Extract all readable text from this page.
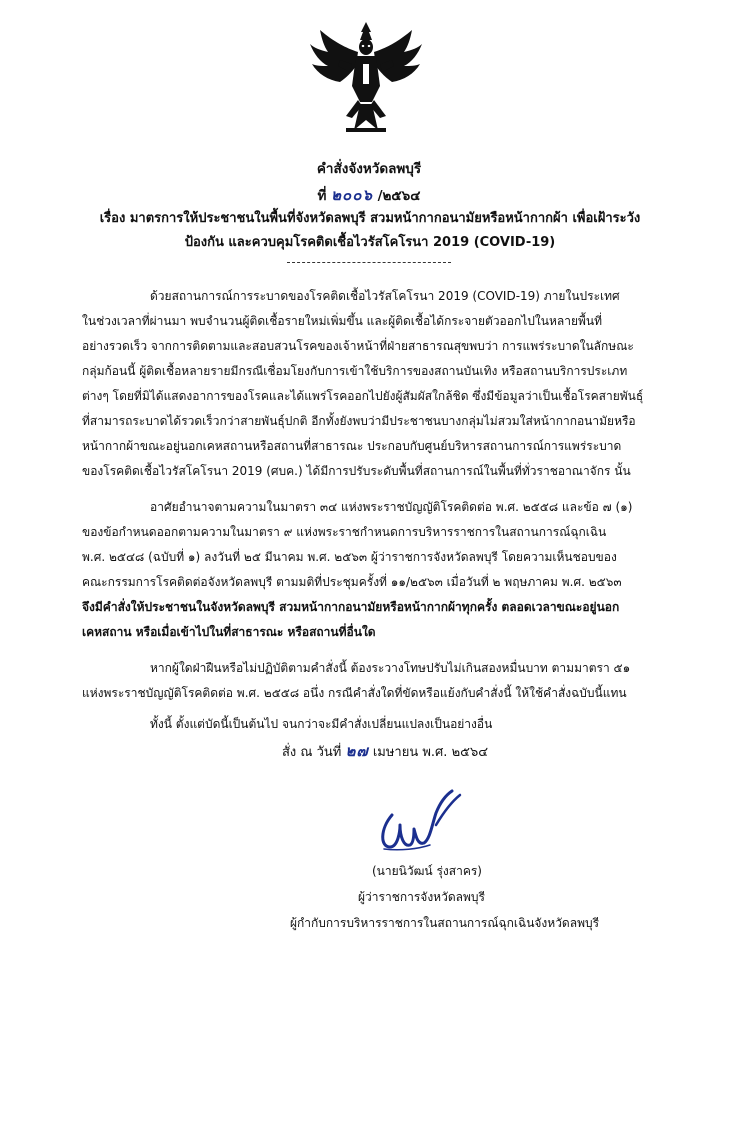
คำสั่งจังหวัดลพบุรี
ที่ ๒๐๐๖ /๒๕๖๔
เรื่อง มาตรการให้ประชาชนในพื้นที่จังหวัดลพบุรี สวมหน้ากากอนามัยหรือหน้ากากผ้า เพื่อเฝ้าระวัง
ป้องกัน และควบคุมโรคติดเชื้อไวรัสโคโรนา 2019 (COVID-19)
ด้วยสถานการณ์การระบาดของโรคติดเชื้อไวรัสโคโรนา 2019 (COVID-19) ภายในประเทศ
ในช่วงเวลาที่ผ่านมา พบจำนวนผู้ติดเชื้อรายใหม่เพิ่มขึ้น และผู้ติดเชื้อได้กระจายตัวออกไปในหลายพื้นที่
อย่างรวดเร็ว จากการติดตามและสอบสวนโรคของเจ้าหน้าที่ฝ่ายสาธารณสุขพบว่า การแพร่ระบาดในลักษณะ
กลุ่มก้อนนี้ ผู้ติดเชื้อหลายรายมีกรณีเชื่อมโยงกับการเข้าใช้บริการของสถานบันเทิง หรือสถานบริการประเภท
ต่างๆ โดยที่มิได้แสดงอาการของโรคและได้แพร่โรคออกไปยังผู้สัมผัสใกล้ชิด ซึ่งมีข้อมูลว่าเป็นเชื้อโรคสายพันธุ์
ที่สามารถระบาดได้รวดเร็วกว่าสายพันธุ์ปกติ อีกทั้งยังพบว่ามีประชาชนบางกลุ่มไม่สวมใส่หน้ากากอนามัยหรือ
หน้ากากผ้าขณะอยู่นอกเคหสถานหรือสถานที่สาธารณะ ประกอบกับศูนย์บริหารสถานการณ์การแพร่ระบาด
ของโรคติดเชื้อไวรัสโคโรนา 2019 (ศบค.) ได้มีการปรับระดับพื้นที่สถานการณ์ในพื้นที่ทั่วราชอาณาจักร นั้น
อาศัยอำนาจตามความในมาตรา ๓๔ แห่งพระราชบัญญัติโรคติดต่อ พ.ศ. ๒๕๕๘ และข้อ ๗ (๑)
ของข้อกำหนดออกตามความในมาตรา ๙ แห่งพระราชกำหนดการบริหารราชการในสถานการณ์ฉุกเฉิน
พ.ศ. ๒๕๔๘ (ฉบับที่ ๑) ลงวันที่ ๒๕ มีนาคม พ.ศ. ๒๕๖๓ ผู้ว่าราชการจังหวัดลพบุรี โดยความเห็นชอบของ
คณะกรรมการโรคติดต่อจังหวัดลพบุรี ตามมติที่ประชุมครั้งที่ ๑๑/๒๕๖๓ เมื่อวันที่ ๒ พฤษภาคม พ.ศ. ๒๕๖๓
จึงมีคำสั่งให้ประชาชนในจังหวัดลพบุรี สวมหน้ากากอนามัยหรือหน้ากากผ้าทุกครั้ง ตลอดเวลาขณะอยู่นอก
เคหสถาน หรือเมื่อเข้าไปในที่สาธารณะ หรือสถานที่อื่นใด
หากผู้ใดฝ่าฝืนหรือไม่ปฏิบัติตามคำสั่งนี้ ต้องระวางโทษปรับไม่เกินสองหมื่นบาท ตามมาตรา ๕๑
แห่งพระราชบัญญัติโรคติดต่อ พ.ศ. ๒๕๕๘ อนึ่ง กรณีคำสั่งใดที่ขัดหรือแย้งกับคำสั่งนี้ ให้ใช้คำสั่งฉบับนี้แทน
ทั้งนี้ ตั้งแต่บัดนี้เป็นต้นไป จนกว่าจะมีคำสั่งเปลี่ยนแปลงเป็นอย่างอื่น
สั่ง ณ วันที่ ๒๗ เมษายน พ.ศ. ๒๕๖๔
(นายนิวัฒน์ รุ่งสาคร)
ผู้ว่าราชการจังหวัดลพบุรี
ผู้กำกับการบริหารราชการในสถานการณ์ฉุกเฉินจังหวัดลพบุรี
